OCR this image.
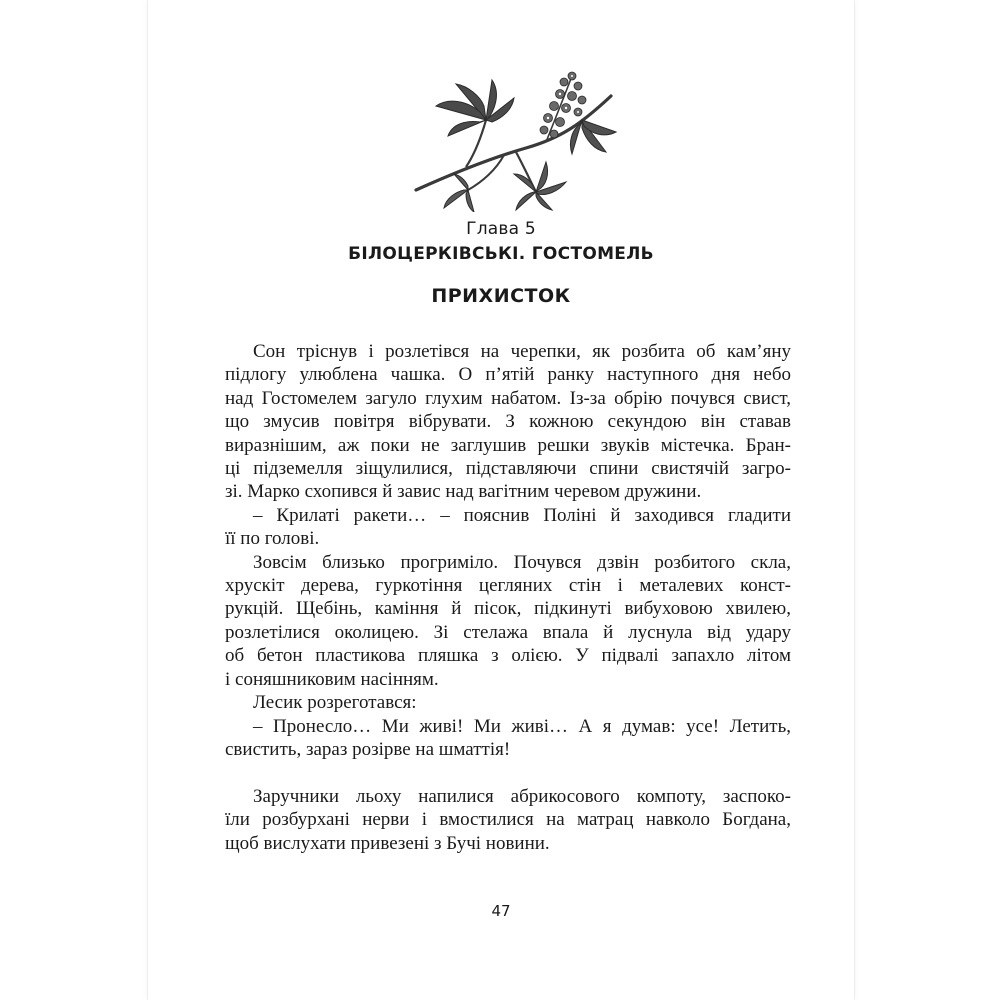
Глава 5
БІЛОЦЕРКІВСЬКІ. ГОСТОМЕЛЬ
ПРИХИСТОК
Сон тріснув і розлетівся на черепки, як розбита об кам’яну
підлогу улюблена чашка. О п’ятій ранку наступного дня небо
над Гостомелем загуло глухим набатом. Із-за обрію почувся свист,
що змусив повітря вібрувати. З кожною секундою він ставав
виразнішим, аж поки не заглушив решки звуків містечка. Бран-
ці підземелля зіщулилися, підставляючи спини свистячій загро-
зі. Марко схопився й завис над вагітним черевом дружини.
– Крилаті ракети… – пояснив Поліні й заходився гладити
її по голові.
Зовсім близько прогриміло. Почувся дзвін розбитого скла,
хрускіт дерева, гуркотіння цегляних стін і металевих конст-
рукцій. Щебінь, каміння й пісок, підкинуті вибуховою хвилею,
розлетілися околицею. Зі стелажа впала й луснула від удару
об бетон пластикова пляшка з олією. У підвалі запахло літом
і соняшниковим насінням.
Лесик розреготався:
– Пронесло… Ми живі! Ми живі… А я думав: усе! Летить,
свистить, зараз розірве на шматтія!
Заручники льоху напилися абрикосового компоту, заспоко-
їли розбурхані нерви і вмостилися на матрац навколо Богдана,
щоб вислухати привезені з Бучі новини.
47
